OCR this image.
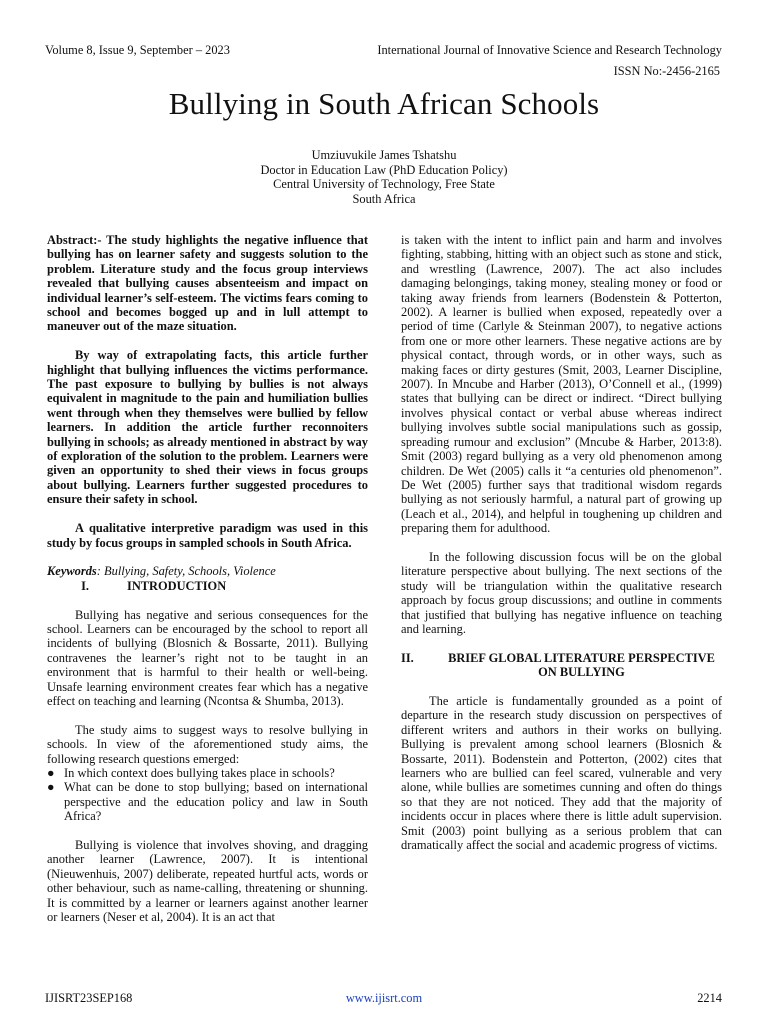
Volume 8, Issue 9, September – 2023	International Journal of Innovative Science and Research Technology
ISSN No:-2456-2165
Bullying in South African Schools
Umziuvukile James Tshatshu
Doctor in Education Law (PhD Education Policy)
Central University of Technology, Free State
South Africa

Abstract:- The study highlights the negative influence that bullying has on learner safety and suggests solution to the problem. Literature study and the focus group interviews revealed that bullying causes absenteeism and impact on individual learner’s self-esteem. The victims fears coming to school and becomes bogged up and in lull attempt to maneuver out of the maze situation.

By way of extrapolating facts, this article further highlight that bullying influences the victims performance. The past exposure to bullying by bullies is not always equivalent in magnitude to the pain and humiliation bullies went through when they themselves were bullied by fellow learners. In addition the article further reconnoiters bullying in schools; as already mentioned in abstract by way of exploration of the solution to the problem. Learners were given an opportunity to shed their views in focus groups about bullying. Learners further suggested procedures to ensure their safety in school.

A qualitative interpretive paradigm was used in this study by focus groups in sampled schools in South Africa.

Keywords: Bullying, Safety, Schools, Violence

I.	INTRODUCTION

Bullying has negative and serious consequences for the school. Learners can be encouraged by the school to report all incidents of bullying (Blosnich & Bossarte, 2011). Bullying contravenes the learner’s right not to be taught in an environment that is harmful to their health or well-being. Unsafe learning environment creates fear which has a negative effect on teaching and learning (Ncontsa & Shumba, 2013).

The study aims to suggest ways to resolve bullying in schools. In view of the aforementioned study aims, the following research questions emerged:

● In which context does bullying takes place in schools?
● What can be done to stop bullying; based on international perspective and the education policy and law in South Africa?

Bullying is violence that involves shoving, and dragging another learner (Lawrence, 2007). It is intentional (Nieuwenhuis, 2007) deliberate, repeated hurtful acts, words or other behaviour, such as name-calling, threatening or shunning. It is committed by a learner or learners against another learner or learners (Neser et al, 2004). It is an act that

is taken with the intent to inflict pain and harm and involves fighting, stabbing, hitting with an object such as stone and stick, and wrestling (Lawrence, 2007). The act also includes damaging belongings, taking money, stealing money or food or taking away friends from learners (Bodenstein & Potterton, 2002). A learner is bullied when exposed, repeatedly over a period of time (Carlyle & Steinman 2007), to negative actions from one or more other learners. These negative actions are by physical contact, through words, or in other ways, such as making faces or dirty gestures (Smit, 2003, Learner Discipline, 2007). In Mncube and Harber (2013), O’Connell et al., (1999) states that bullying can be direct or indirect. “Direct bullying involves physical contact or verbal abuse whereas indirect bullying involves subtle social manipulations such as gossip, spreading rumour and exclusion” (Mncube & Harber, 2013:8). Smit (2003) regard bullying as a very old phenomenon among children. De Wet (2005) calls it “a centuries old phenomenon”. De Wet (2005) further says that traditional wisdom regards bullying as not seriously harmful, a natural part of growing up (Leach et al., 2014), and helpful in toughening up children and preparing them for adulthood.

In the following discussion focus will be on the global literature perspective about bullying. The next sections of the study will be triangulation within the qualitative research approach by focus group discussions; and outline in comments that justified that bullying has negative influence on teaching and learning.

II.	BRIEF GLOBAL LITERATURE PERSPECTIVE ON BULLYING

The article is fundamentally grounded as a point of departure in the research study discussion on perspectives of different writers and authors in their works on bullying. Bullying is prevalent among school learners (Blosnich & Bossarte, 2011). Bodenstein and Potterton, (2002) cites that learners who are bullied can feel scared, vulnerable and very alone, while bullies are sometimes cunning and often do things so that they are not noticed. They add that the majority of incidents occur in places where there is little adult supervision. Smit (2003) point bullying as a serious problem that can dramatically affect the social and academic progress of victims.

IJISRT23SEP168	www.ijisrt.com	2214
